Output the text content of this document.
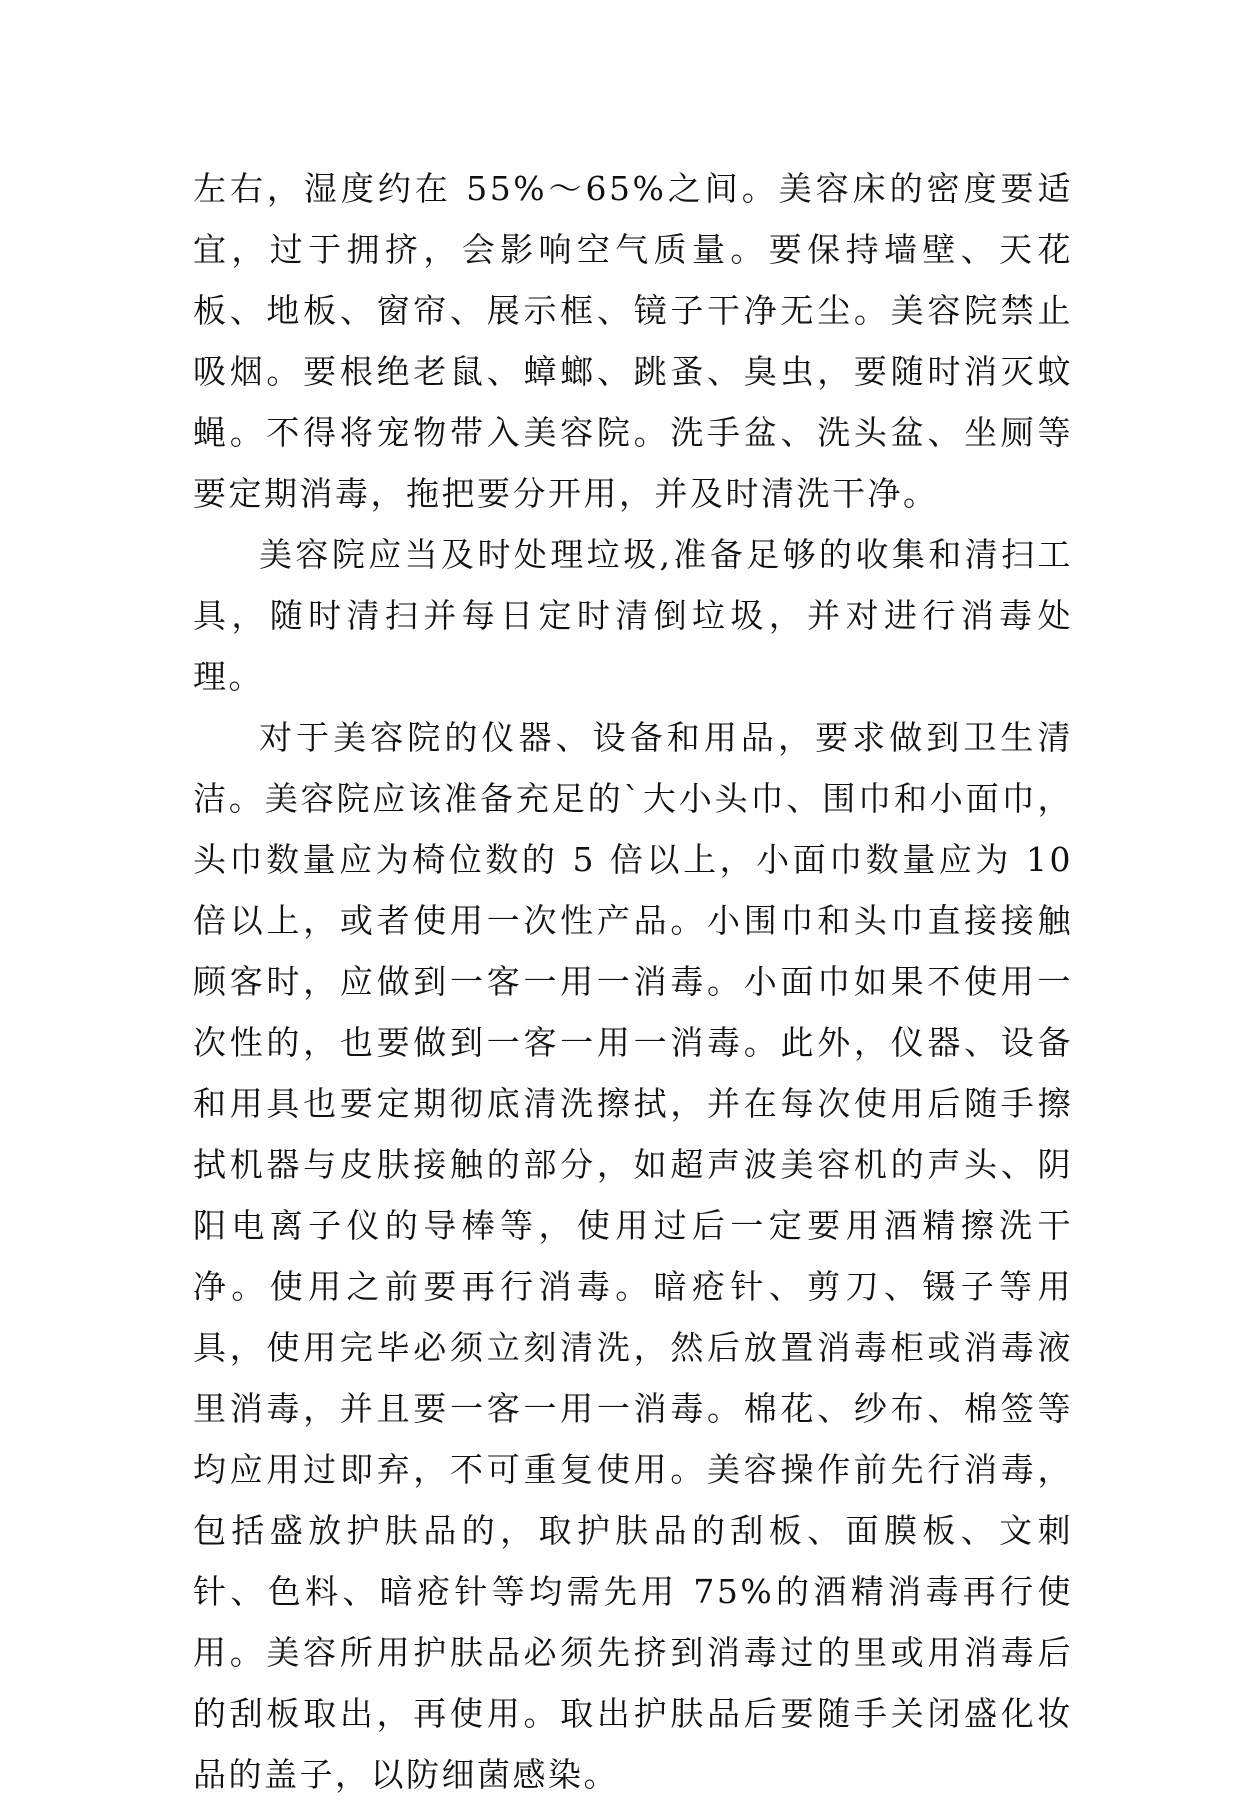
左右，湿度约在 55%～65%之间。美容床的密度要适宜，过于拥挤，会影响空气质量。要保持墙壁、天花板、地板、窗帘、展示框、镜子干净无尘。美容院禁止吸烟。要根绝老鼠、蟑螂、跳蚤、臭虫，要随时消灭蚊蝇。不得将宠物带入美容院。洗手盆、洗头盆、坐厕等要定期消毒，拖把要分开用，并及时清洗干净。

美容院应当及时处理垃圾,准备足够的收集和清扫工具，随时清扫并每日定时清倒垃圾，并对进行消毒处理。

对于美容院的仪器、设备和用品，要求做到卫生清洁。美容院应该准备充足的`大小头巾、围巾和小面巾，头巾数量应为椅位数的 5 倍以上，小面巾数量应为 10 倍以上，或者使用一次性产品。小围巾和头巾直接接触顾客时，应做到一客一用一消毒。小面巾如果不使用一次性的，也要做到一客一用一消毒。此外，仪器、设备和用具也要定期彻底清洗擦拭，并在每次使用后随手擦拭机器与皮肤接触的部分，如超声波美容机的声头、阴阳电离子仪的导棒等，使用过后一定要用酒精擦洗干净。使用之前要再行消毒。暗疮针、剪刀、镊子等用具，使用完毕必须立刻清洗，然后放置消毒柜或消毒液里消毒，并且要一客一用一消毒。棉花、纱布、棉签等均应用过即弃，不可重复使用。美容操作前先行消毒，包括盛放护肤品的，取护肤品的刮板、面膜板、文刺针、色料、暗疮针等均需先用 75%的酒精消毒再行使用。美容所用护肤品必须先挤到消毒过的里或用消毒后的刮板取出，再使用。取出护肤品后要随手关闭盛化妆品的盖子，以防细菌感染。
